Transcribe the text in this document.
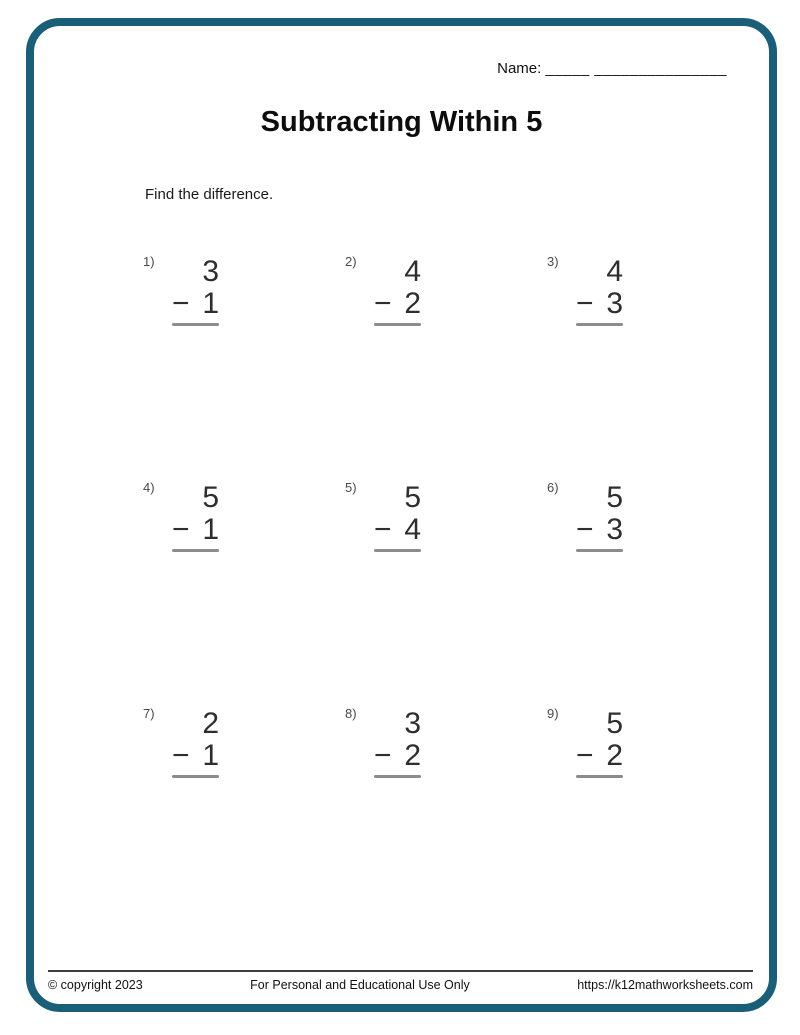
Name: _____ _______________
Subtracting Within 5
Find the difference.
1)	3
− 1
2)	4
− 2
3)	4
− 3
4)	5
− 1
5)	5
− 4
6)	5
− 3
7)	2
− 1
8)	3
− 2
9)	5
− 2
© copyright 2023	For Personal and Educational Use Only	https://k12mathworksheets.com
